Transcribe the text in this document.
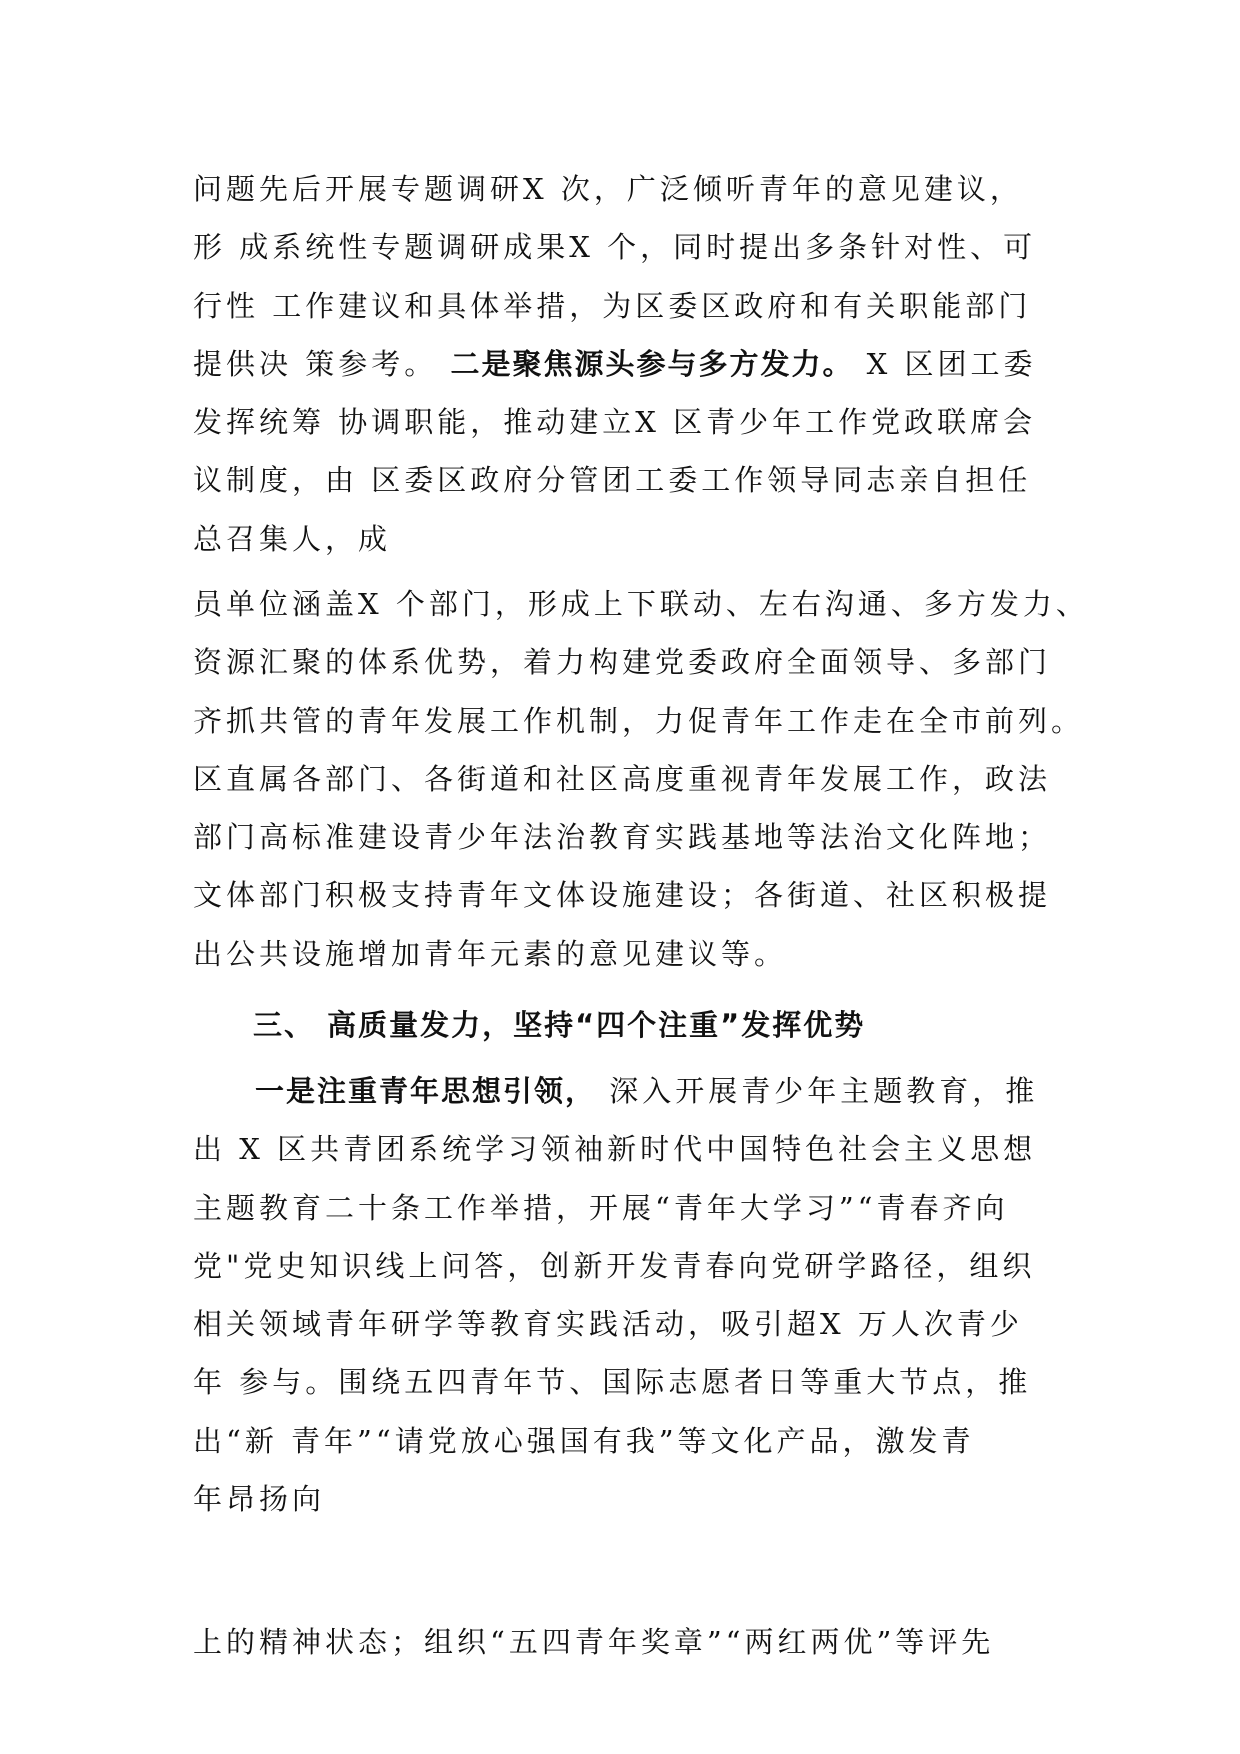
问题先后开展专题调研X 次，广泛倾听青年的意见建议，
形 成系统性专题调研成果X 个，同时提出多条针对性、可
行性 工作建议和具体举措，为区委区政府和有关职能部门
提供决 策参考。 二是聚焦源头参与多方发力。 X 区团工委
发挥统筹 协调职能，推动建立X 区青少年工作党政联席会
议制度，由 区委区政府分管团工委工作领导同志亲自担任
总召集人，成
员单位涵盖X 个部门，形成上下联动、左右沟通、多方发力、
资源汇聚的体系优势，着力构建党委政府全面领导、多部门
齐抓共管的青年发展工作机制，力促青年工作走在全市前列。
区直属各部门、各街道和社区高度重视青年发展工作，政法
部门高标准建设青少年法治教育实践基地等法治文化阵地；
文体部门积极支持青年文体设施建设；各街道、社区积极提
出公共设施增加青年元素的意见建议等。
三、 高质量发力，坚持“四个注重”发挥优势
一是注重青年思想引领， 深入开展青少年主题教育，推
出 X 区共青团系统学习领袖新时代中国特色社会主义思想
主题教育二十条工作举措，开展“青年大学习”“青春齐向
党"党史知识线上问答，创新开发青春向党研学路径，组织
相关领域青年研学等教育实践活动，吸引超X 万人次青少
年 参与。围绕五四青年节、国际志愿者日等重大节点，推
出“新 青年”“请党放心强国有我”等文化产品，激发青
年昂扬向
上的精神状态；组织“五四青年奖章”“两红两优”等评先
